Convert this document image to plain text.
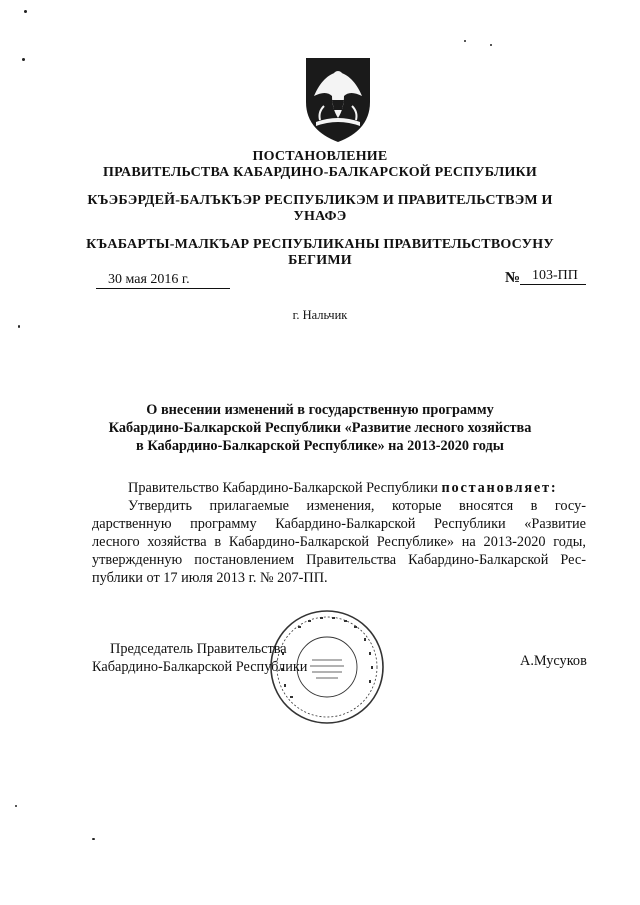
ПОСТАНОВЛЕНИЕ
ПРАВИТЕЛЬСТВА КАБАРДИНО-БАЛКАРСКОЙ РЕСПУБЛИКИ
КЪЭБЭРДЕЙ-БАЛЪКЪЭР РЕСПУБЛИКЭМ И ПРАВИТЕЛЬСТВЭМ И
УНАФЭ
КЪАБАРТЫ-МАЛКЪАР РЕСПУБЛИКАНЫ ПРАВИТЕЛЬСТВОСУНУ
БЕГИМИ
30 мая 2016 г.	№ 103-ПП
г. Нальчик
О внесении изменений в государственную программу
Кабардино-Балкарской Республики «Развитие лесного хозяйства
в Кабардино-Балкарской Республике» на 2013-2020 годы
Правительство Кабардино-Балкарской Республики постановляет:
Утвердить прилагаемые изменения, которые вносятся в госу-
дарственную программу Кабардино-Балкарской Республики «Развитие
лесного хозяйства в Кабардино-Балкарской Республике» на 2013-2020 годы,
утвержденную постановлением Правительства Кабардино-Балкарской Рес-
публики от 17 июля 2013 г. № 207-ПП.
Председатель Правительства
Кабардино-Балкарской Республики	А.Мусуков
